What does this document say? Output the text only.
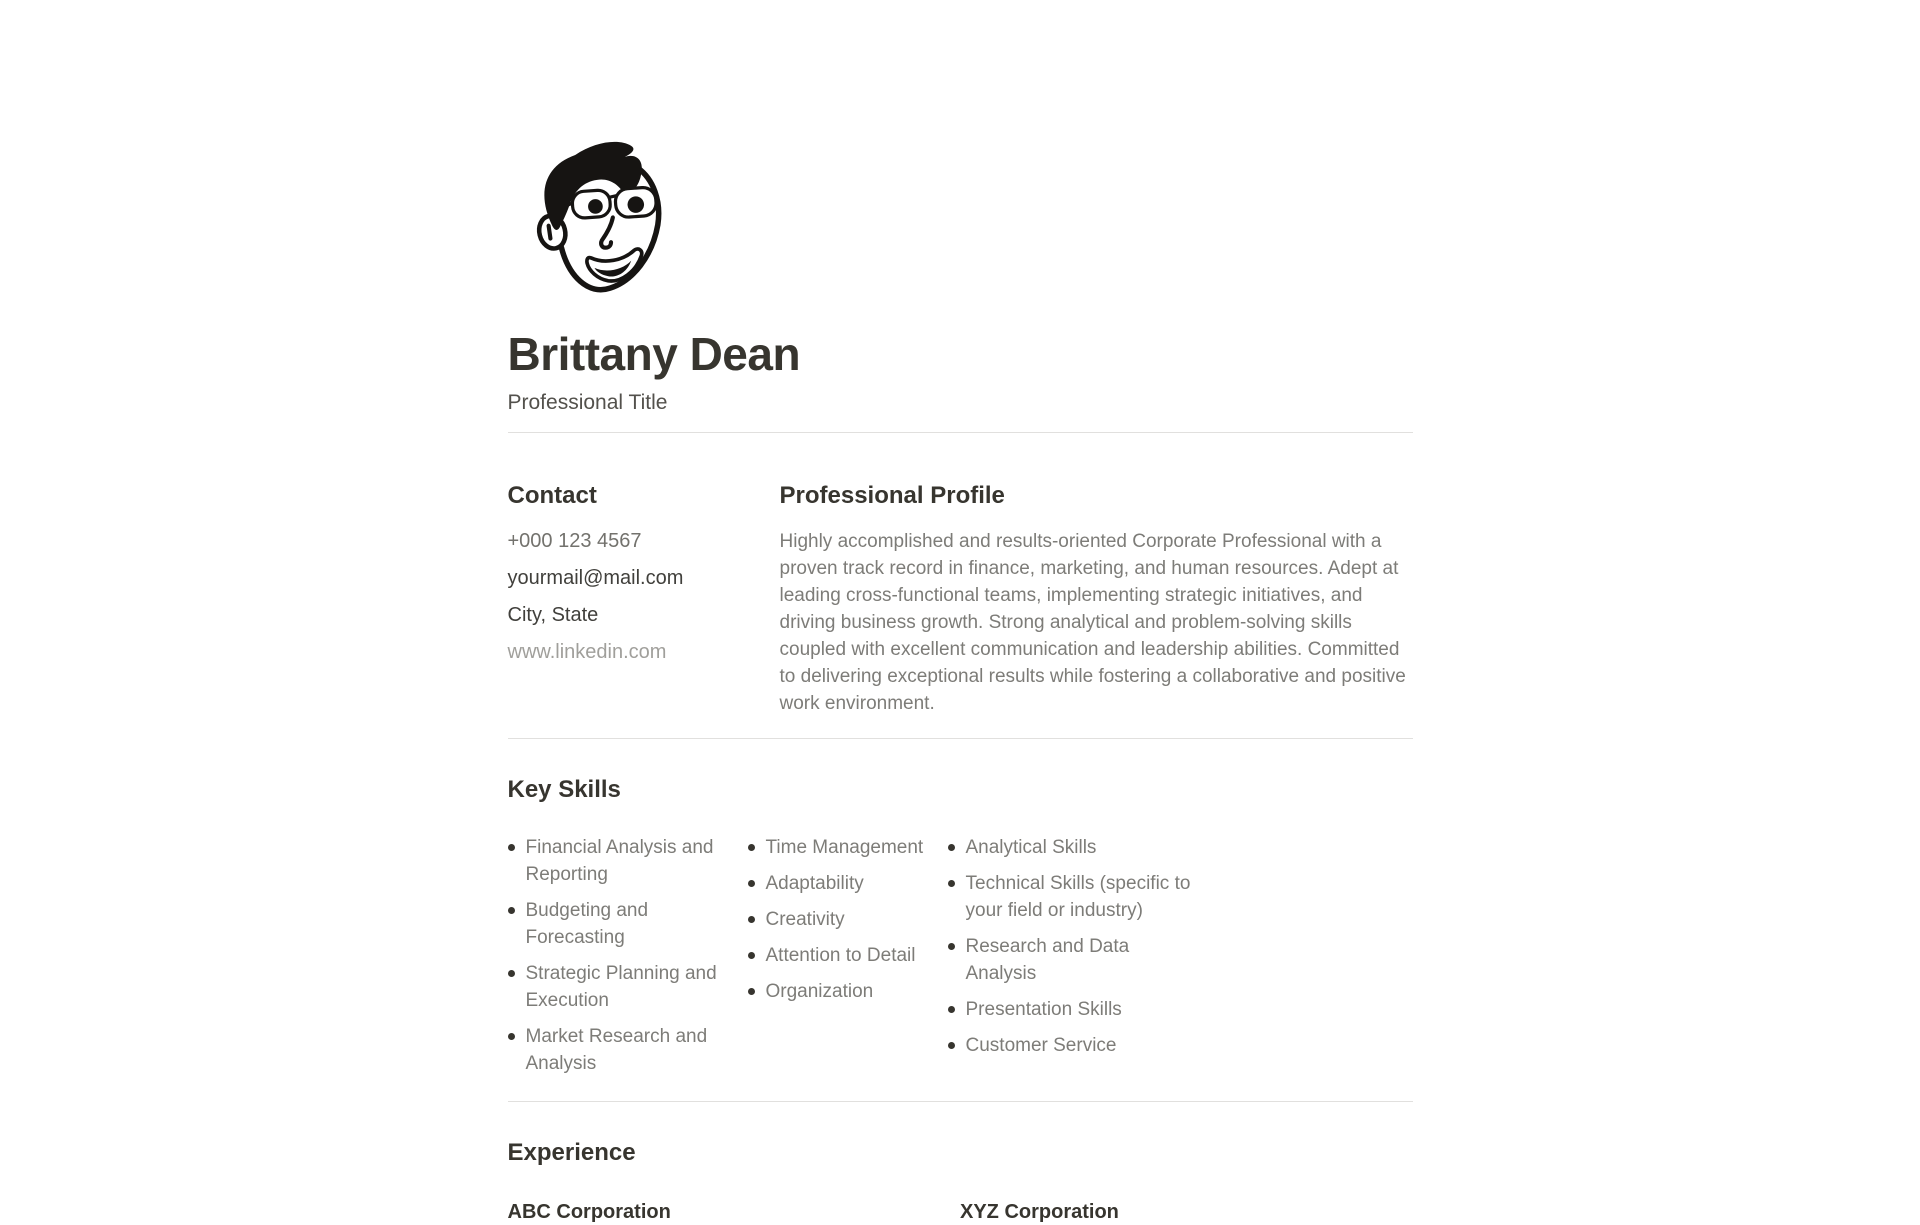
Brittany Dean

Professional Title

Contact

+000 123 4567

yourmail@mail.com

City, State

www.linkedin.com

Professional Profile

Highly accomplished and results-oriented Corporate Professional with a proven track record in finance, marketing, and human resources. Adept at leading cross-functional teams, implementing strategic initiatives, and driving business growth. Strong analytical and problem-solving skills coupled with excellent communication and leadership abilities. Committed to delivering exceptional results while fostering a collaborative and positive work environment.

Key Skills
Financial Analysis and Reporting
Budgeting and Forecasting
Strategic Planning and Execution
Market Research and Analysis
Time Management
Adaptability
Creativity
Attention to Detail
Organization
Analytical Skills
Technical Skills (specific to your field or industry)
Research and Data Analysis
Presentation Skills
Customer Service
Experience
ABC Corporation	XYZ Corporation
